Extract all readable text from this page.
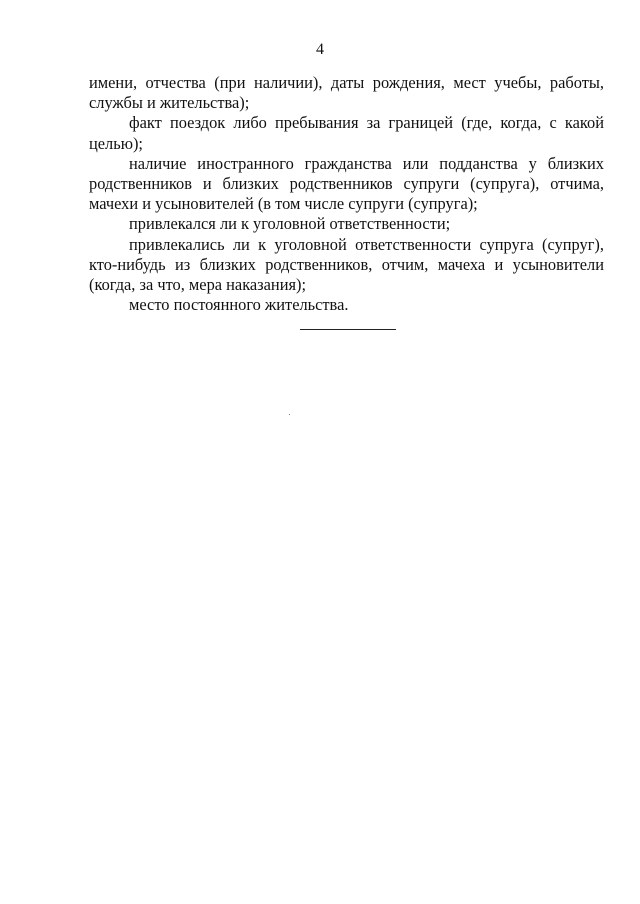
4

имени, отчества (при наличии), даты рождения, мест учебы, работы, службы и жительства);

факт поездок либо пребывания за границей (где, когда, с какой целью);

наличие иностранного гражданства или подданства у близких родственников и близких родственников супруги (супруга), отчима, мачехи и усыновителей (в том числе супруги (супруга);

привлекался ли к уголовной ответственности;

привлекались ли к уголовной ответственности супруга (супруг), кто-нибудь из близких родственников, отчим, мачеха и усыновители (когда, за что, мера наказания);

место постоянного жительства.
